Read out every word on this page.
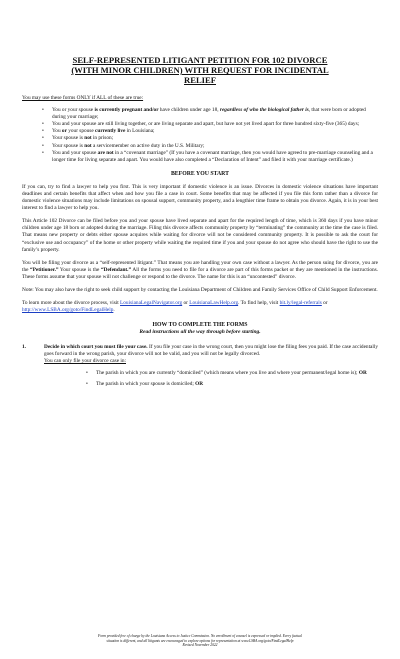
SELF-REPRESENTED LITIGANT PETITION FOR 102 DIVORCE
(WITH MINOR CHILDREN) WITH REQUEST FOR INCIDENTAL
RELIEF
You may use these forms ONLY if ALL of these are true:
• You or your spouse is currently pregnant and/or have children under age 18, regardless of who the biological father is, that were born or adopted during your marriage;
• You and your spouse are still living together, or are living separate and apart, but have not yet lived apart for three hundred sixty-five (365) days;
• You or your spouse currently live in Louisiana;
• Your spouse is not in prison;
• Your spouse is not a servicemember on active duty in the U.S. Military;
• You and your spouse are not in a “covenant marriage” (If you have a covenant marriage, then you would have agreed to pre-marriage counseling and a longer time for living separate and apart. You would have also completed a “Declaration of Intent” and filed it with your marriage certificate.)
BEFORE YOU START
If you can, try to find a lawyer to help you first. This is very important if domestic violence is an issue. Divorces in domestic violence situations have important deadlines and certain benefits that affect when and how you file a case in court. Some benefits that may be affected if you file this form rather than a divorce for domestic violence situations may include limitations on spousal support, community property, and a lengthier time frame to obtain you divorce. Again, it is in your best interest to find a lawyer to help you.
This Article 102 Divorce can be filed before you and your spouse have lived separate and apart for the required length of time, which is 360 days if you have minor children under age 18 born or adopted during the marriage. Filing this divorce affects community property by “terminating” the community at the time the case is filed. That means new property or debts either spouse acquires while waiting for divorce will not be considered community property. It is possible to ask the court for “exclusive use and occupancy” of the home or other property while waiting the required time if you and your spouse do not agree who should have the right to use the family’s property.
You will be filing your divorce as a “self-represented litigant.” That means you are handling your own case without a lawyer. As the person suing for divorce, you are the “Petitioner.” Your spouse is the “Defendant.” All the forms you need to file for a divorce are part of this forms packet or they are mentioned in the instructions. These forms assume that your spouse will not challenge or respond to the divorce. The name for this is an “uncontested” divorce.
Note: You may also have the right to seek child support by contacting the Louisiana Department of Children and Family Services Office of Child Support Enforcement.
To learn more about the divorce process, visit LouisianaLegalNavigator.org or LouisianaLawHelp.org. To find help, visit bit.ly/legal-referrals or
http://www.LSBA.org/goto/FindLegalHelp.
HOW TO COMPLETE THE FORMS
Read instructions all the way through before starting.
1.	Decide in which court you must file your case. If you file your case in the wrong court, then you might lose the filing fees you paid. If the case accidentally goes forward in the wrong parish, your divorce will not be valid, and you will not be legally divorced.
You can only file your divorce case in:
• The parish in which you are currently “domiciled” (which means where you live and where your permanent/legal home is); OR
• The parish in which your spouse is domiciled; OR
Form provided free of charge by the Louisiana Access to Justice Commission. No enrollment of counsel is expressed or implied. Every factual
situation is different, and all litigants are encouraged to explore options for representation at www.LSBA.org/goto/FindLegalHelp
Revised November 2022
